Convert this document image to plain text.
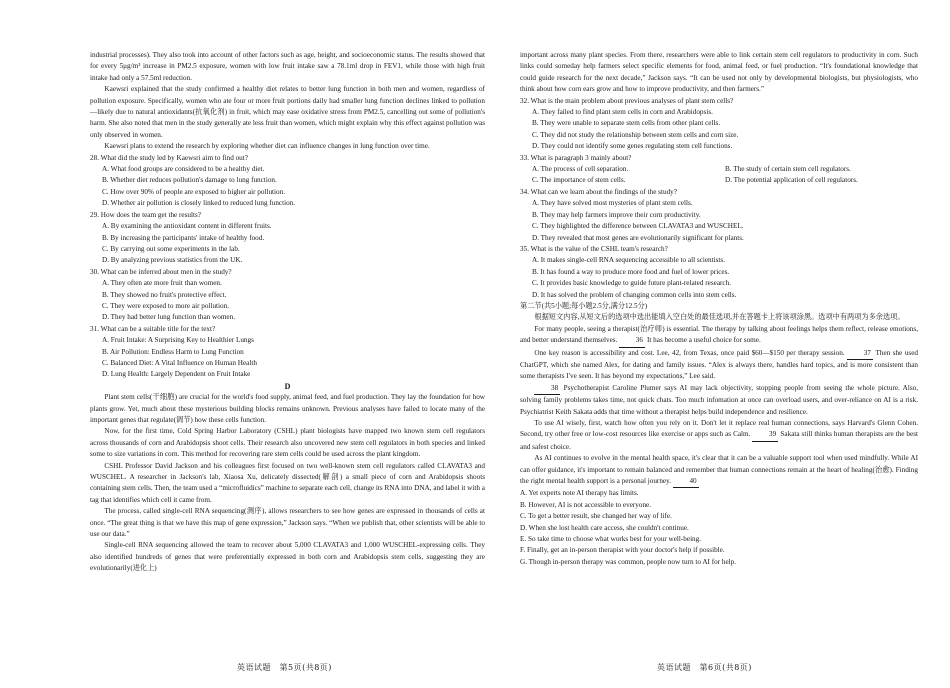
industrial processes). They also took into account of other factors such as age, height, and socioeconomic status. The results showed that for every 5μg/m³ increase in PM2.5 exposure, women with low fruit intake saw a 78.1ml drop in FEV1, while those with high fruit intake had only a 57.5ml reduction.

Kaewsri explained that the study confirmed a healthy diet relates to better lung function in both men and women, regardless of pollution exposure. Specifically, women who ate four or more fruit portions daily had smaller lung function declines linked to pollution—likely due to natural antioxidants(抗氧化剂) in fruit, which may ease oxidative stress from PM2.5, cancelling out some of pollution's harm. She also noted that men in the study generally ate less fruit than women, which might explain why this effect against pollution was only observed in women.

Kaewsri plans to extend the research by exploring whether diet can influence changes in lung function over time.

28. What did the study led by Kaewsri aim to find out?

A. What food groups are considered to be a healthy diet.

B. Whether diet reduces pollution's damage to lung function.

C. How over 90% of people are exposed to higher air pollution.

D. Whether air pollution is closely linked to reduced lung function.

29. How does the team get the results?

A. By examining the antioxidant content in different fruits.

B. By increasing the participants' intake of healthy food.

C. By carrying out some experiments in the lab.

D. By analyzing previous statistics from the UK.

30. What can be inferred about men in the study?

A. They often ate more fruit than women.

B. They showed no fruit's protective effect.

C. They were exposed to more air pollution.

D. They had better lung function than women.

31. What can be a suitable title for the text?

A. Fruit Intake: A Surprising Key to Healthier Lungs

B. Air Pollution: Endless Harm to Lung Function

C. Balanced Diet: A Vital Influence on Human Health

D. Lung Health: Largely Dependent on Fruit Intake

D

Plant stem cells(干细胞) are crucial for the world's food supply, animal feed, and fuel production. They lay the foundation for how plants grow. Yet, much about these mysterious building blocks remains unknown. Previous analyses have failed to locate many of the important genes that regulate(调节) how these cells function.

Now, for the first time, Cold Spring Harbor Laboratory (CSHL) plant biologists have mapped two known stem cell regulators across thousands of corn and Arabidopsis shoot cells. Their research also uncovered new stem cell regulators in both species and linked some to size variations in corn. This method for recovering rare stem cells could be used across the plant kingdom.

CSHL Professor David Jackson and his colleagues first focused on two well-known stem cell regulators called CLAVATA3 and WUSCHEL. A researcher in Jackson's lab, Xiaosa Xu, delicately dissected(解剖) a small piece of corn and Arabidopsis shoots containing stem cells. Then, the team used a “microfluidics” machine to separate each cell, change its RNA into DNA, and label it with a tag that identifies which cell it came from.

The process, called single-cell RNA sequencing(测序), allows researchers to see how genes are expressed in thousands of cells at once. “The great thing is that we have this map of gene expression,” Jackson says. “When we publish that, other scientists will be able to use our data.”

Single-cell RNA sequencing allowed the team to recover about 5,000 CLAVATA3 and 1,000 WUSCHEL-expressing cells. They also identified hundreds of genes that were preferentially expressed in both corn and Arabidopsis stem cells, suggesting they are evolutionarily(进化上)

important across many plant species. From there, researchers were able to link certain stem cell regulators to productivity in corn. Such links could someday help farmers select specific elements for food, animal feed, or fuel production. “It's foundational knowledge that could guide research for the next decade,” Jackson says. “It can be used not only by developmental biologists, but physiologists, who think about how corn ears grow and how to improve productivity, and then farmers.”

32. What is the main problem about previous analyses of plant stem cells?

A. They failed to find plant stem cells in corn and Arabidopsis.

B. They were unable to separate stem cells from other plant cells.

C. They did not study the relationship between stem cells and corn size.

D. They could not identify some genes regulating stem cell functions.

33. What is paragraph 3 mainly about?

A. The process of cell separation.	B. The study of certain stem cell regulators.
C. The importance of stem cells.	D. The potential application of cell regulators.

34. What can we learn about the findings of the study?

A. They have solved most mysteries of plant stem cells.

B. They may help farmers improve their corn productivity.

C. They highlighted the difference between CLAVATA3 and WUSCHEL.

D. They revealed that most genes are evolutionarily significant for plants.

35. What is the value of the CSHL team's research?

A. It makes single-cell RNA sequencing accessible to all scientists.

B. It has found a way to produce more food and fuel of lower prices.

C. It provides basic knowledge to guide future plant-related research.

D. It has solved the problem of changing common cells into stem cells.

第二节(共5小题;每小题2.5分,满分12.5分)

根据短文内容,从短文后的选项中选出能填入空白处的最佳选项,并在答题卡上将该项涂黑。选项中有两项为多余选项。

For many people, seeing a therapist(治疗师) is essential. The therapy by talking about feelings helps them reflect, release emotions, and better understand themselves.	36 It has become a useful choice for some.

One key reason is accessibility and cost. Lee, 42, from Texas, once paid $60—$150 per therapy session.	37 Then she used ChatGPT, which she named Alex, for dating and family issues. “Alex is always there, handles hard topics, and is more consistent than some therapists I've seen. It has beyond my expectations,” Lee said.

38 Psychotherapist Caroline Plumer says AI may lack objectivity, stopping people from seeing the whole picture. Also, solving family problems takes time, not quick chats. Too much infomation at once can overload users, and over-reliance on AI is a risk. Psychiatrist Keith Sakata adds that time without a therapist helps build independence and resilience.

To use AI wisely, first, watch how often you rely on it. Don't let it replace real human connections, says Harvard's Glenn Cohen. Second, try other free or low-cost resources like exercise or apps such as Calm.	39 Sakata still thinks human therapists are the best and safest choice.

As AI continues to evolve in the mental health space, it's clear that it can be a valuable support tool when used mindfully. While AI can offer guidance, it's important to remain balanced and remember that human connections remain at the heart of healing(治愈). Finding the right mental health support is a personal journey.	40

A. Yet experts note AI therapy has limits.

B. However, AI is not accessible to everyone.

C. To get a better result, she changed her way of life.

D. When she lost health care access, she couldn't continue.

E. So take time to choose what works best for your well-being.

F. Finally, get an in-person therapist with your doctor's help if possible.

G. Though in-person therapy was common, people now turn to AI for help.

英语试题　第5页(共8页)	英语试题　第6页(共8页)
